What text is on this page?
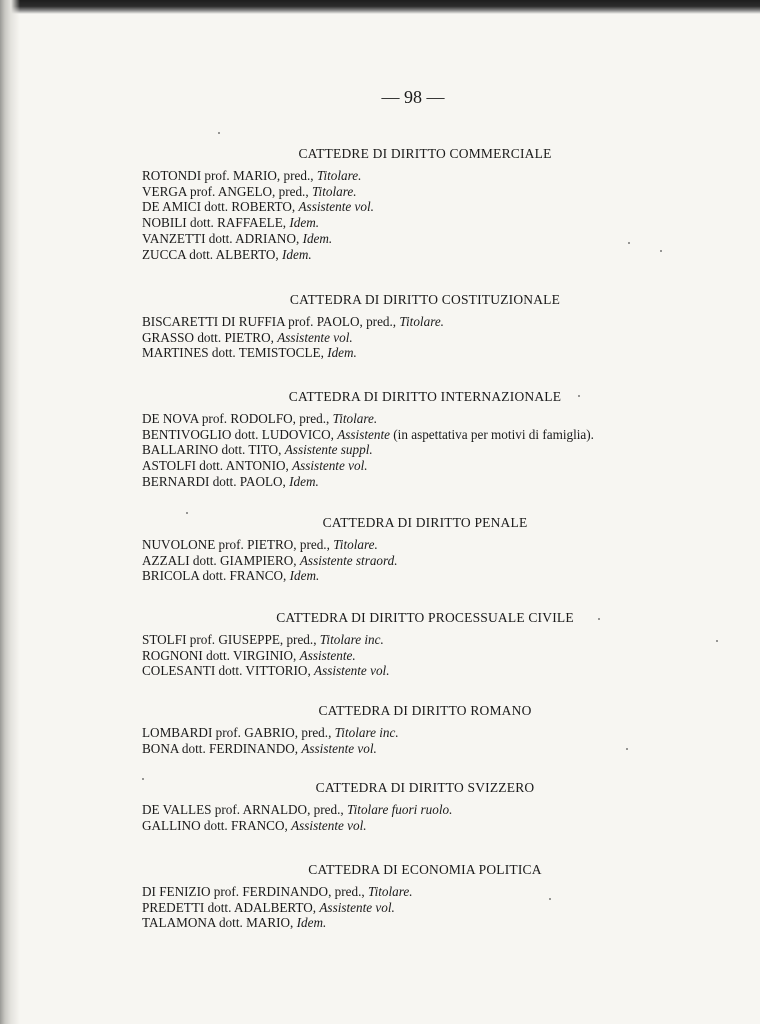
— 98 —
CATTEDRE DI DIRITTO COMMERCIALE
ROTONDI prof. MARIO, pred., Titolare.
VERGA prof. ANGELO, pred., Titolare.
DE AMICI dott. ROBERTO, Assistente vol.
NOBILI dott. RAFFAELE, Idem.
VANZETTI dott. ADRIANO, Idem.
ZUCCA dott. ALBERTO, Idem.
CATTEDRA DI DIRITTO COSTITUZIONALE
BISCARETTI DI RUFFIA prof. PAOLO, pred., Titolare.
GRASSO dott. PIETRO, Assistente vol.
MARTINES dott. TEMISTOCLE, Idem.
CATTEDRA DI DIRITTO INTERNAZIONALE
DE NOVA prof. RODOLFO, pred., Titolare.
BENTIVOGLIO dott. LUDOVICO, Assistente (in aspettativa per motivi di famiglia).
BALLARINO dott. TITO, Assistente suppl.
ASTOLFI dott. ANTONIO, Assistente vol.
BERNARDI dott. PAOLO, Idem.
CATTEDRA DI DIRITTO PENALE
NUVOLONE prof. PIETRO, pred., Titolare.
AZZALI dott. GIAMPIERO, Assistente straord.
BRICOLA dott. FRANCO, Idem.
CATTEDRA DI DIRITTO PROCESSUALE CIVILE
STOLFI prof. GIUSEPPE, pred., Titolare inc.
ROGNONI dott. VIRGINIO, Assistente.
COLESANTI dott. VITTORIO, Assistente vol.
CATTEDRA DI DIRITTO ROMANO
LOMBARDI prof. GABRIO, pred., Titolare inc.
BONA dott. FERDINANDO, Assistente vol.
CATTEDRA DI DIRITTO SVIZZERO
DE VALLES prof. ARNALDO, pred., Titolare fuori ruolo.
GALLINO dott. FRANCO, Assistente vol.
CATTEDRA DI ECONOMIA POLITICA
DI FENIZIO prof. FERDINANDO, pred., Titolare.
PREDETTI dott. ADALBERTO, Assistente vol.
TALAMONA dott. MARIO, Idem.
